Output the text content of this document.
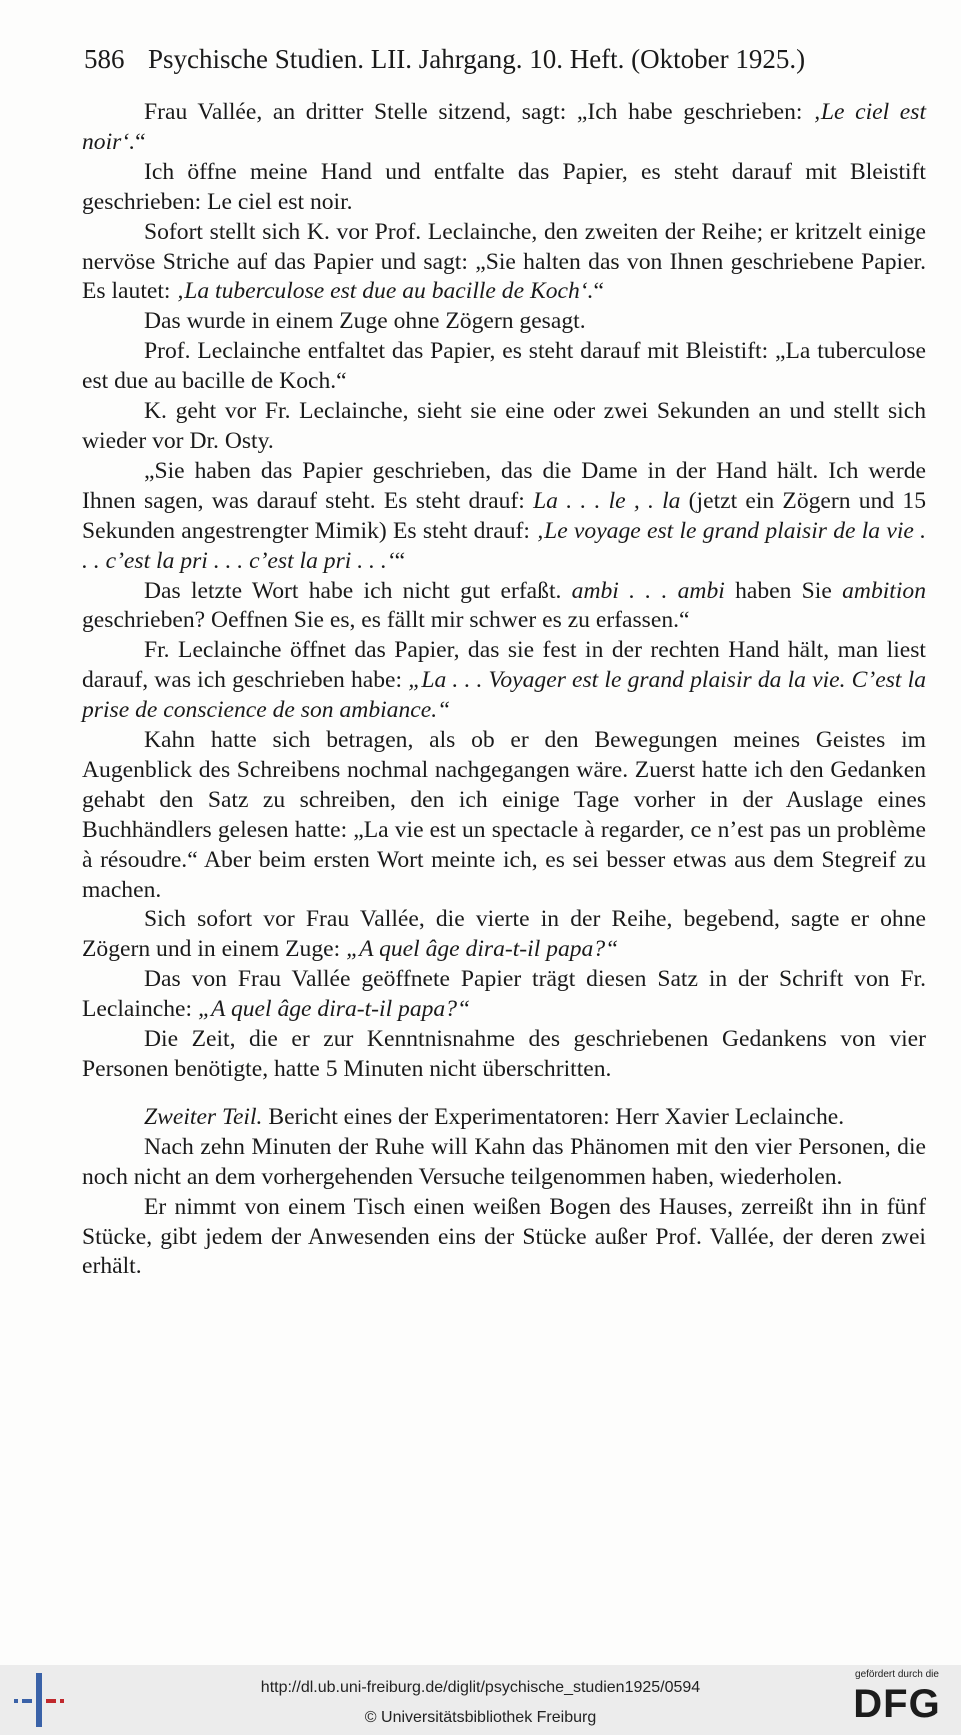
586 Psychische Studien. LII. Jahrgang. 10. Heft. (Oktober 1925.)

Frau Vallée, an dritter Stelle sitzend, sagt: „Ich habe geschrieben: ‚Le ciel est noir‘.“

Ich öffne meine Hand und entfalte das Papier, es steht darauf mit Bleistift geschrieben: Le ciel est noir.

Sofort stellt sich K. vor Prof. Leclainche, den zweiten der Reihe; er kritzelt einige nervöse Striche auf das Papier und sagt: „Sie halten das von Ihnen geschriebene Papier. Es lautet: ‚La tuberculose est due au bacille de Koch‘.“

Das wurde in einem Zuge ohne Zögern gesagt.

Prof. Leclainche entfaltet das Papier, es steht darauf mit Bleistift: „La tuberculose est due au bacille de Koch.“

K. geht vor Fr. Leclainche, sieht sie eine oder zwei Sekunden an und stellt sich wieder vor Dr. Osty.

„Sie haben das Papier geschrieben, das die Dame in der Hand hält. Ich werde Ihnen sagen, was darauf steht. Es steht drauf: La . . . le , . la (jetzt ein Zögern und 15 Sekunden angestrengter Mimik) Es steht drauf: ‚Le voyage est le grand plaisir de la vie . . . c’est la pri . . . c’est la pri . . .‘“

Das letzte Wort habe ich nicht gut erfaßt. ambi . . . ambi haben Sie ambition geschrieben? Oeffnen Sie es, es fällt mir schwer es zu erfassen.“

Fr. Leclainche öffnet das Papier, das sie fest in der rechten Hand hält, man liest darauf, was ich geschrieben habe: „La . . . Voyager est le grand plaisir da la vie. C’est la prise de conscience de son ambiance.“

Kahn hatte sich betragen, als ob er den Bewegungen meines Geistes im Augenblick des Schreibens nochmal nachgegangen wäre. Zuerst hatte ich den Gedanken gehabt den Satz zu schreiben, den ich einige Tage vorher in der Auslage eines Buchhändlers gelesen hatte: „La vie est un spectacle à regarder, ce n’est pas un problème à résoudre.“ Aber beim ersten Wort meinte ich, es sei besser etwas aus dem Stegreif zu machen.

Sich sofort vor Frau Vallée, die vierte in der Reihe, begebend, sagte er ohne Zögern und in einem Zuge: „A quel âge dira-t-il papa?“

Das von Frau Vallée geöffnete Papier trägt diesen Satz in der Schrift von Fr. Leclainche: „A quel âge dira-t-il papa?“

Die Zeit, die er zur Kenntnisnahme des geschriebenen Gedankens von vier Personen benötigte, hatte 5 Minuten nicht überschritten.

Zweiter Teil. Bericht eines der Experimentatoren: Herr Xavier Leclainche.

Nach zehn Minuten der Ruhe will Kahn das Phänomen mit den vier Personen, die noch nicht an dem vorhergehenden Versuche teilgenommen haben, wiederholen.

Er nimmt von einem Tisch einen weißen Bogen des Hauses, zerreißt ihn in fünf Stücke, gibt jedem der Anwesenden eins der Stücke außer Prof. Vallée, der deren zwei erhält.

http://dl.ub.uni-freiburg.de/diglit/psychische_studien1925/0594
© Universitätsbibliothek Freiburg
gefördert durch die
DFG
